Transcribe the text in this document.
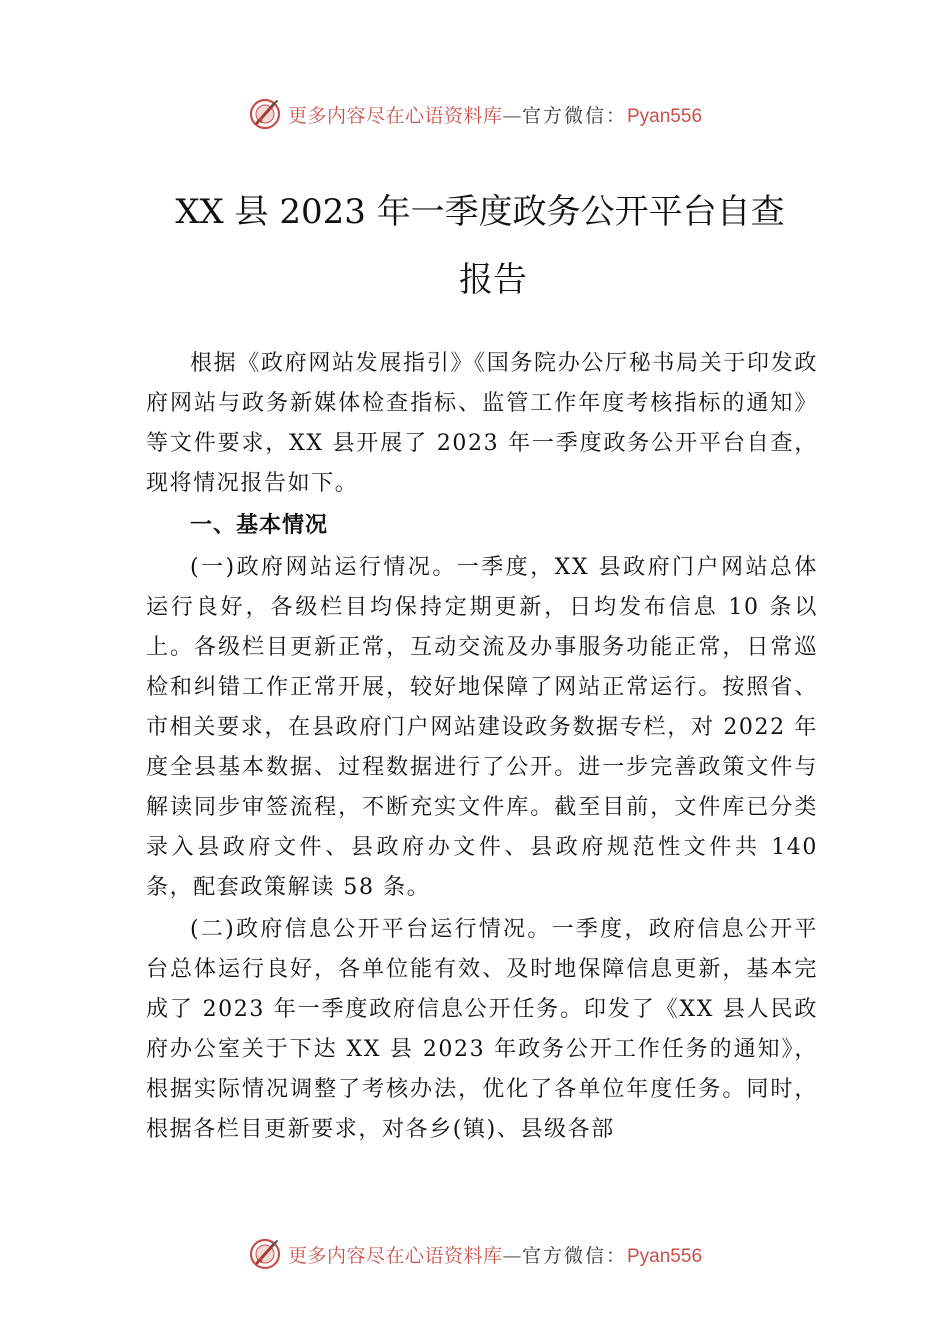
更多内容尽在心语资料库—官方微信：Pyan556
XX 县 2023 年一季度政务公开平台自查
报告

根据《政府网站发展指引》《国务院办公厅秘书局关于印发政府网站与政务新媒体检查指标、监管工作年度考核指标的通知》等文件要求，XX 县开展了 2023 年一季度政务公开平台自查，现将情况报告如下。

一、基本情况

(一)政府网站运行情况。一季度，XX 县政府门户网站总体运行良好，各级栏目均保持定期更新，日均发布信息 10 条以上。各级栏目更新正常，互动交流及办事服务功能正常，日常巡检和纠错工作正常开展，较好地保障了网站正常运行。按照省、市相关要求，在县政府门户网站建设政务数据专栏，对 2022 年度全县基本数据、过程数据进行了公开。进一步完善政策文件与解读同步审签流程，不断充实文件库。截至目前，文件库已分类录入县政府文件、县政府办文件、县政府规范性文件共 140 条，配套政策解读 58 条。

(二)政府信息公开平台运行情况。一季度，政府信息公开平台总体运行良好，各单位能有效、及时地保障信息更新，基本完成了 2023 年一季度政府信息公开任务。印发了《XX 县人民政府办公室关于下达 XX 县 2023 年政务公开工作任务的通知》，根据实际情况调整了考核办法，优化了各单位年度任务。同时，根据各栏目更新要求，对各乡(镇)、县级各部

更多内容尽在心语资料库—官方微信：Pyan556
